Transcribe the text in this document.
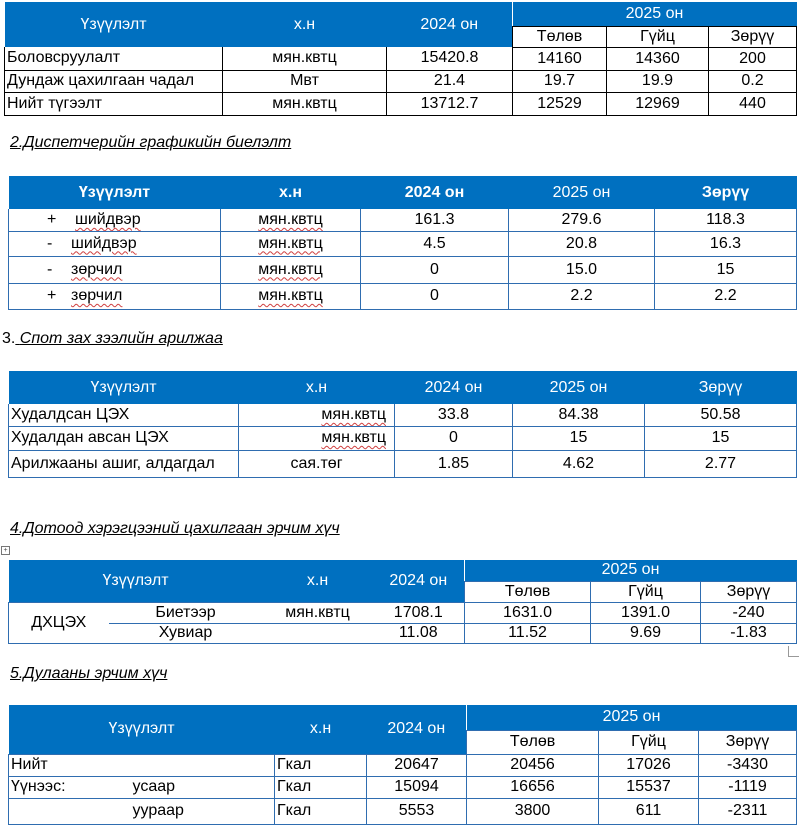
Үзүүлэлт	х.н	2024 он	2025 он		
			Төлөв	Гүйц	Зөрүү
Боловсруулалт	мян.квтц	15420.8	14160	14360	200
Дундаж цахилгаан чадал	Мвт	21.4	19.7	19.9	0.2
Нийт түгээлт	мян.квтц	13712.7	12529	12969	440
2.Диспетчерийн графикийн биелэлт
Үзүүлэлт	х.н	2024 он	2025 он	Зөрүү
+ шийдвэр	мян.квтц	161.3	279.6	118.3
- шийдвэр	мян.квтц	4.5	20.8	16.3
- зөрчил	мян.квтц	0	15.0	15
+ зөрчил	мян.квтц	0	2.2	2.2
3. Спот зах зээлийн арилжаа
Үзүүлэлт	х.н	2024 он	2025 он	Зөрүү
Худалдсан ЦЭХ	мян.квтц	33.8	84.38	50.58
Худалдан авсан ЦЭХ	мян.квтц	0	15	15
Арилжааны ашиг, алдагдал	сая.төг	1.85	4.62	2.77
4.Дотоод хэрэгцээний цахилгаан эрчим хүч
+
Үзүүлэлт		х.н	2024 он	2025 он		
				Төлөв	Гүйц	Зөрүү
ДХЦЭХ	Биетээр	мян.квтц	1708.1	1631.0	1391.0	-240
	Хувиар		11.08	11.52	9.69	-1.83
5.Дулааны эрчим хүч
Үзүүлэлт		х.н	2024 он	2025 он		
				Төлөв	Гүйц	Зөрүү
Нийт		Гкал	20647	20456	17026	-3430
Үүнээс:	усаар	Гкал	15094	16656	15537	-1119
	уураар	Гкал	5553	3800	611	-2311
